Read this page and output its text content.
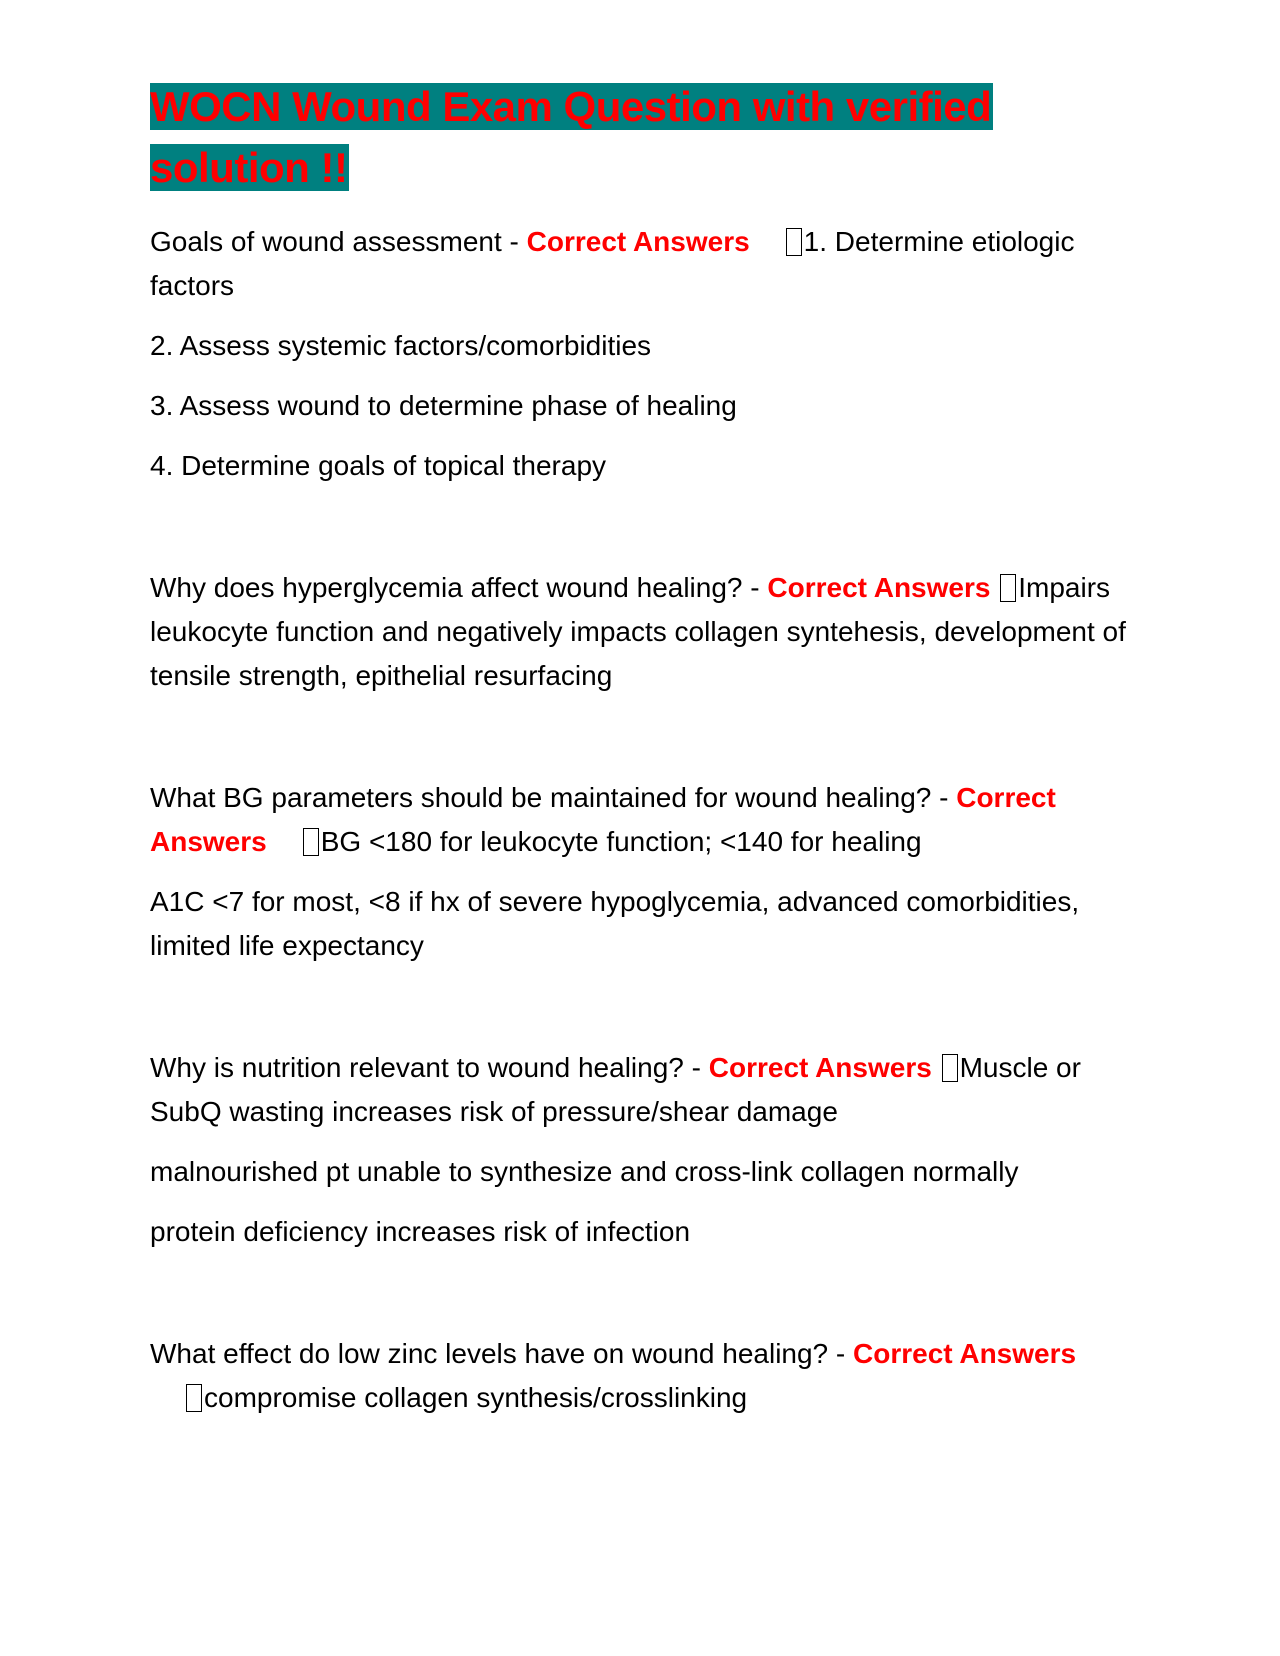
WOCN Wound Exam Question with verified solution !!

Goals of wound assessment - Correct Answers 1. Determine etiologic factors

2. Assess systemic factors/comorbidities

3. Assess wound to determine phase of healing

4. Determine goals of topical therapy

Why does hyperglycemia affect wound healing? - Correct Answers Impairs leukocyte function and negatively impacts collagen syntehesis, development of tensile strength, epithelial resurfacing

What BG parameters should be maintained for wound healing? - Correct Answers BG <180 for leukocyte function; <140 for healing

A1C <7 for most, <8 if hx of severe hypoglycemia, advanced comorbidities, limited life expectancy

Why is nutrition relevant to wound healing? - Correct Answers Muscle or SubQ wasting increases risk of pressure/shear damage

malnourished pt unable to synthesize and cross-link collagen normally

protein deficiency increases risk of infection

What effect do low zinc levels have on wound healing? - Correct Answerscompromise collagen synthesis/crosslinking
